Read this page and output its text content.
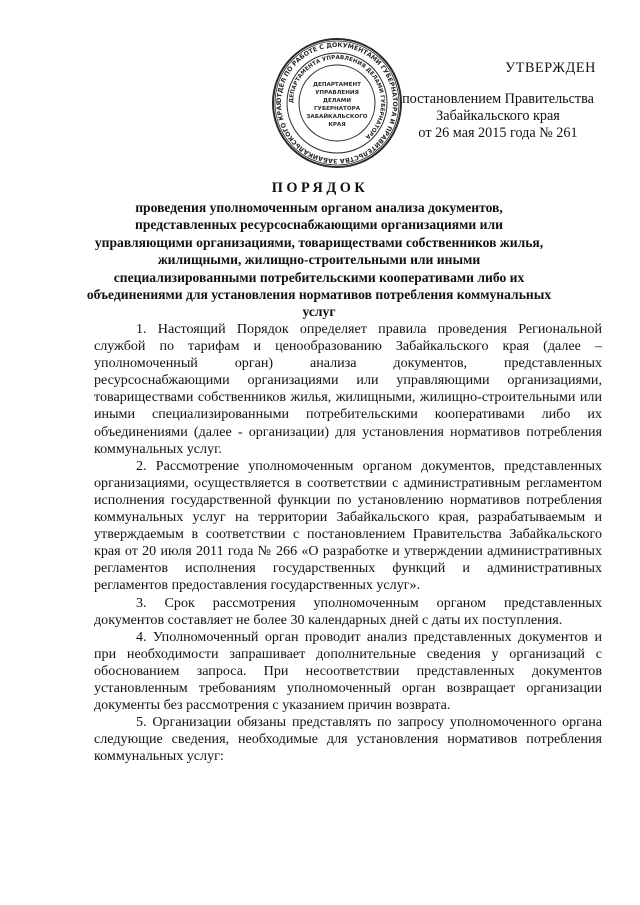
ОТДЕЛ ПО РАБОТЕ С ДОКУМЕНТАМИ ГУБЕРНАТОРА И ПРАВИТЕЛЬСТВА ЗАБАЙКАЛЬСКОГО КРАЯ	ДЕПАРТАМЕНТА УПРАВЛЕНИЯ ДЕЛАМИ ГУБЕРНАТОРА
ДЕПАРТАМЕНТ
УПРАВЛЕНИЯ
ДЕЛАМИ
ГУБЕРНАТОРА
ЗАБАЙКАЛЬСКОГО
КРАЯ
УТВЕРЖДЕН
постановлением Правительства
Забайкальского края
от 26 мая 2015 года № 261
ПОРЯДОК
проведения уполномоченным органом анализа документов, представленных ресурсоснабжающими организациями или управляющими организациями, товариществами собственников жилья, жилищными, жилищно-строительными или иными специализированными потребительскими кооперативами либо их объединениями для установления нормативов потребления коммунальных услуг

1. Настоящий Порядок определяет правила проведения Региональной службой по тарифам и ценообразованию Забайкальского края (далее – уполномоченный орган) анализа документов, представленных ресурсоснабжающими организациями или управляющими организациями, товариществами собственников жилья, жилищными, жилищно-строительными или иными специализированными потребительскими кооперативами либо их объединениями (далее - организации) для установления нормативов потребления коммунальных услуг.

2. Рассмотрение уполномоченным органом документов, представленных организациями, осуществляется в соответствии с административным регламентом исполнения государственной функции по установлению нормативов потребления коммунальных услуг на территории Забайкальского края, разрабатываемым и утверждаемым в соответствии с постановлением Правительства Забайкальского края от 20 июля 2011 года № 266 «О разработке и утверждении административных регламентов исполнения государственных функций и административных регламентов предоставления государственных услуг».

3. Срок рассмотрения уполномоченным органом представленных документов составляет не более 30 календарных дней с даты их поступления.

4. Уполномоченный орган проводит анализ представленных документов и при необходимости запрашивает дополнительные сведения у организаций с обоснованием запроса. При несоответствии представленных документов установленным требованиям уполномоченный орган возвращает организации документы без рассмотрения с указанием причин возврата.

5. Организации обязаны представлять по запросу уполномоченного органа следующие сведения, необходимые для установления нормативов потребления коммунальных услуг:
